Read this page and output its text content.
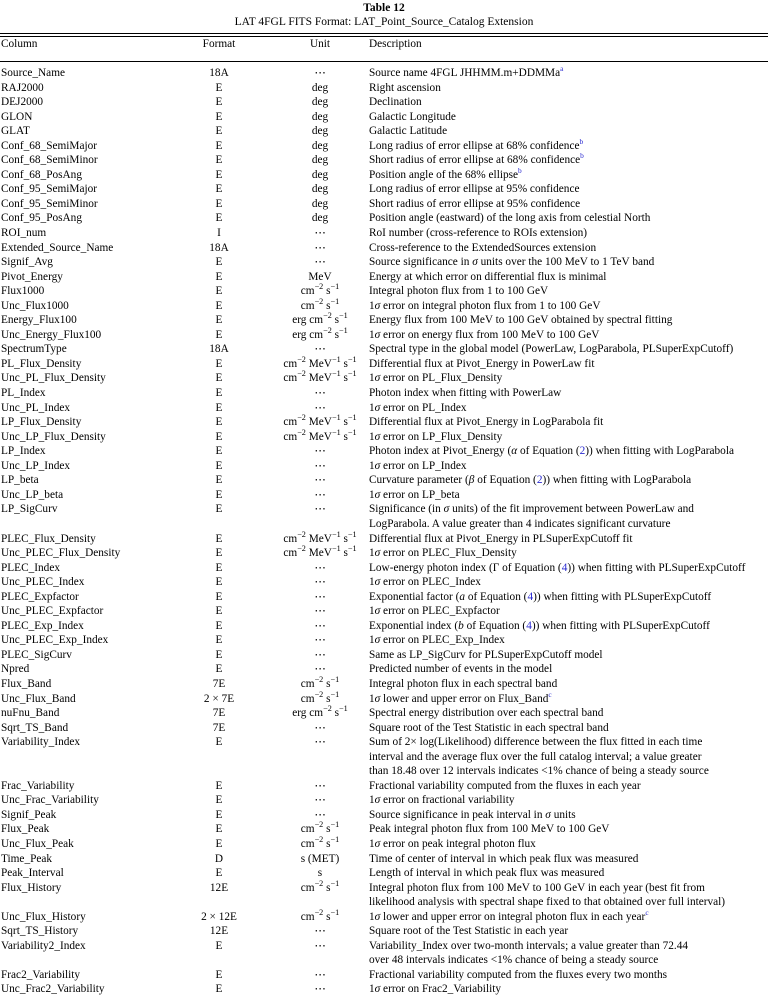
Table 12
LAT 4FGL FITS Format: LAT_Point_Source_Catalog Extension
Column	Format	Unit	Description
Source_Name	18A	⋯	Source name 4FGL JHHMM.m+DDMMa$^a$

RAJ2000	E	deg	Right ascension

DEJ2000	E	deg	Declination

GLON	E	deg	Galactic Longitude

GLAT	E	deg	Galactic Latitude

Conf_68_SemiMajor	E	deg	Long radius of error ellipse at 68% confidence$^b$

Conf_68_SemiMinor	E	deg	Short radius of error ellipse at 68% confidence$^b$

Conf_68_PosAng	E	deg	Position angle of the 68% ellipse$^b$

Conf_95_SemiMajor	E	deg	Long radius of error ellipse at 95% confidence

Conf_95_SemiMinor	E	deg	Short radius of error ellipse at 95% confidence

Conf_95_PosAng	E	deg	Position angle (eastward) of the long axis from celestial North

ROI_num	I	⋯	RoI number (cross-reference to ROIs extension)

Extended_Source_Name	18A	⋯	Cross-reference to the ExtendedSources extension

Signif_Avg	E	⋯	Source significance in σ units over the 100 MeV to 1 TeV band

Pivot_Energy	E	MeV	Energy at which error on differential flux is minimal

Flux1000	E	$cm^{-2}$ $s^{-1}$	Integral photon flux from 1 to 100 GeV

Unc_Flux1000	E	$cm^{-2}$ $s^{-1}$	1σ error on integral photon flux from 1 to 100 GeV

Energy_Flux100	E	erg $cm^{-2}$ $s^{-1}$	Energy flux from 100 MeV to 100 GeV obtained by spectral fitting

Unc_Energy_Flux100	E	erg $cm^{-2}$ $s^{-1}$	1σ error on energy flux from 100 MeV to 100 GeV

SpectrumType	18A	⋯	Spectral type in the global model (PowerLaw, LogParabola, PLSuperExpCutoff)

PL_Flux_Density	E	$cm^{-2}$ MeV$^{-1}$ $s^{-1}$	Differential flux at Pivot_Energy in PowerLaw fit

Unc_PL_Flux_Density	E	$cm^{-2}$ MeV$^{-1}$ $s^{-1}$	1σ error on PL_Flux_Density

PL_Index	E	⋯	Photon index when fitting with PowerLaw

Unc_PL_Index	E	⋯	1σ error on PL_Index

LP_Flux_Density	E	$cm^{-2}$ MeV$^{-1}$ $s^{-1}$	Differential flux at Pivot_Energy in LogParabola fit

Unc_LP_Flux_Density	E	$cm^{-2}$ MeV$^{-1}$ $s^{-1}$	1σ error on LP_Flux_Density

LP_Index	E	⋯	Photon index at Pivot_Energy (α of Equation (2)) when fitting with LogParabola

Unc_LP_Index	E	⋯	1σ error on LP_Index

LP_beta	E	⋯	Curvature parameter (β of Equation (2)) when fitting with LogParabola

Unc_LP_beta	E	⋯	1σ error on LP_beta

LP_SigCurv	E	⋯	Significance (in σ units) of the fit improvement between PowerLaw and
LogParabola. A value greater than 4 indicates significant curvature

PLEC_Flux_Density	E	$cm^{-2}$ MeV$^{-1}$ $s^{-1}$	Differential flux at Pivot_Energy in PLSuperExpCutoff fit

Unc_PLEC_Flux_Density	E	$cm^{-2}$ MeV$^{-1}$ $s^{-1}$	1σ error on PLEC_Flux_Density

PLEC_Index	E	⋯	Low-energy photon index (Γ of Equation (4)) when fitting with PLSuperExpCutoff

Unc_PLEC_Index	E	⋯	1σ error on PLEC_Index

PLEC_Expfactor	E	⋯	Exponential factor (a of Equation (4)) when fitting with PLSuperExpCutoff

Unc_PLEC_Expfactor	E	⋯	1σ error on PLEC_Expfactor

PLEC_Exp_Index	E	⋯	Exponential index (b of Equation (4)) when fitting with PLSuperExpCutoff

Unc_PLEC_Exp_Index	E	⋯	1σ error on PLEC_Exp_Index

PLEC_SigCurv	E	⋯	Same as LP_SigCurv for PLSuperExpCutoff model

Npred	E	⋯	Predicted number of events in the model

Flux_Band	7E	$cm^{-2}$ $s^{-1}$	Integral photon flux in each spectral band

Unc_Flux_Band	2 × 7E	$cm^{-2}$ $s^{-1}$	1σ lower and upper error on Flux_Band$^c$

nuFnu_Band	7E	erg $cm^{-2}$ $s^{-1}$	Spectral energy distribution over each spectral band

Sqrt_TS_Band	7E	⋯	Square root of the Test Statistic in each spectral band

Variability_Index	E	⋯	Sum of 2× log(Likelihood) difference between the flux fitted in each time
interval and the average flux over the full catalog interval; a value greater
than 18.48 over 12 intervals indicates <1% chance of being a steady source

Frac_Variability	E	⋯	Fractional variability computed from the fluxes in each year

Unc_Frac_Variability	E	⋯	1σ error on fractional variability

Signif_Peak	E	⋯	Source significance in peak interval in σ units

Flux_Peak	E	$cm^{-2}$ $s^{-1}$	Peak integral photon flux from 100 MeV to 100 GeV

Unc_Flux_Peak	E	$cm^{-2}$ $s^{-1}$	1σ error on peak integral photon flux

Time_Peak	D	s (MET)	Time of center of interval in which peak flux was measured

Peak_Interval	E	s	Length of interval in which peak flux was measured

Flux_History	12E	$cm^{-2}$ $s^{-1}$	Integral photon flux from 100 MeV to 100 GeV in each year (best fit from
likelihood analysis with spectral shape fixed to that obtained over full interval)

Unc_Flux_History	2 × 12E	$cm^{-2}$ $s^{-1}$	1σ lower and upper error on integral photon flux in each year$^c$

Sqrt_TS_History	12E	⋯	Square root of the Test Statistic in each year

Variability2_Index	E	⋯	Variability_Index over two-month intervals; a value greater than 72.44
over 48 intervals indicates <1% chance of being a steady source

Frac2_Variability	E	⋯	Fractional variability computed from the fluxes every two months

Unc_Frac2_Variability	E	⋯	1σ error on Frac2_Variability
